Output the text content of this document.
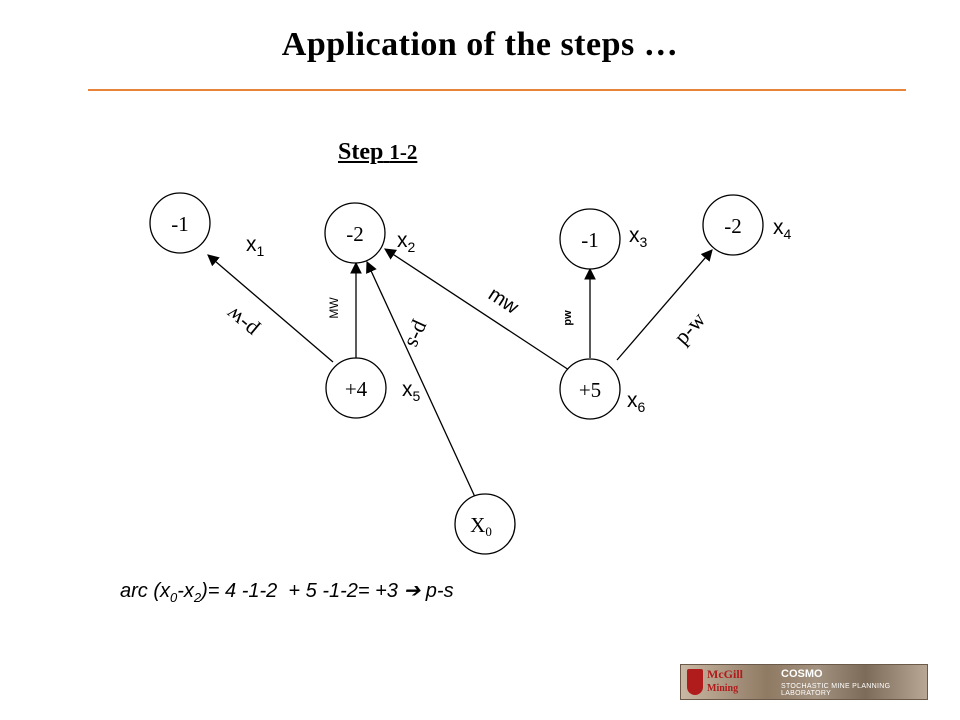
Application of the steps …
Step 1-2
-1	-2	-1
-2
+4	+5
X0
$x_1$	$x_2$	$x_3$
$x_4$
$x_5$	$x_6$
p-w	MW
p-s
mw	pw	p-w
arc $(x_0-x_2)= 4$ -1-2  + 5 -1-2= +3 ➔ p-s
McGill
Mining
COSMO
STOCHASTIC MINE PLANNING LABORATORY
